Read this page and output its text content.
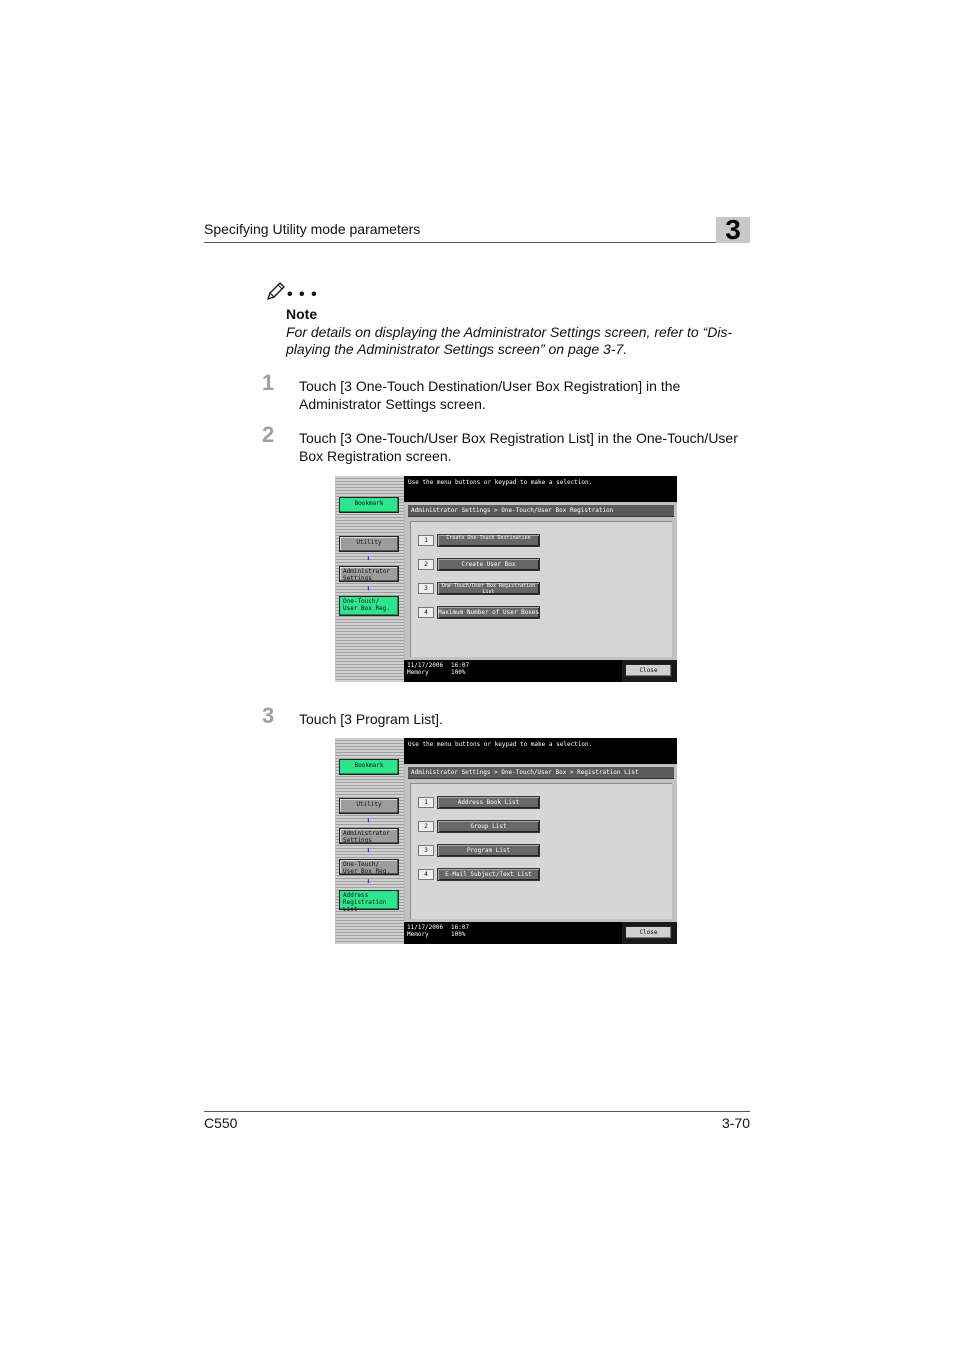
Specifying Utility mode parameters	3
• • •
Note
For details on displaying the Administrator Settings screen, refer to “Dis-playing the Administrator Settings screen” on page 3-7.
1	Touch [3 One-Touch Destination/User Box Registration] in the Administrator Settings screen.
2	Touch [3 One-Touch/User Box Registration List] in the One-Touch/User Box Registration screen.
Bookmark
Utility
⬇
Administrator Settings
⬇
One-Touch/ User Box Reg.
Use the menu buttons or keypad to make a selection.
Administrator Settings > One-Touch/User Box Registration
1	Create One-Touch Destination
2	Create User Box
3	One-Touch/User Box Registration List
4	Maximum Number of User Boxes
11/17/2006 16:07
Memory	100%	Close
3	Touch [3 Program List].
Bookmark
Utility
⬇
Administrator Settings
⬇
One-Touch/ User Box Reg.
⬇
Address Registration List
Use the menu buttons or keypad to make a selection.
Administrator Settings > One-Touch/User Box > Registration List
1	Address Book List
2	Group List
3	Program List
4	E-Mail Subject/Text List
11/17/2006 16:07
Memory	100%	Close
C550	3-70
